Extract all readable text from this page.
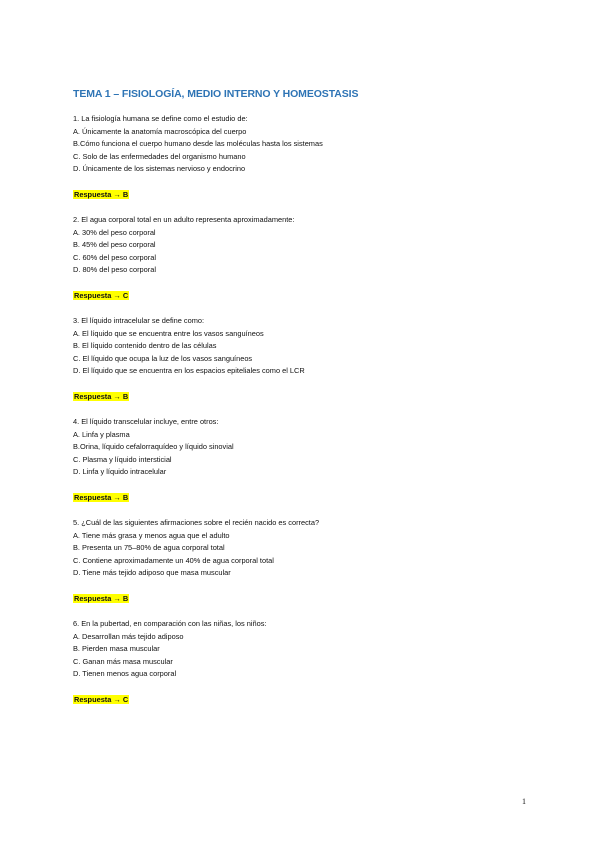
TEMA 1 – FISIOLOGÍA, MEDIO INTERNO Y HOMEOSTASIS
1. La fisiología humana se define como el estudio de:
A. Únicamente la anatomía macroscópica del cuerpo
B.Cómo funciona el cuerpo humano desde las moléculas hasta los sistemas
C. Solo de las enfermedades del organismo humano
D. Únicamente de los sistemas nervioso y endocrino
Respuesta → B
2. El agua corporal total en un adulto representa aproximadamente:
A. 30% del peso corporal
B. 45% del peso corporal
C. 60% del peso corporal
D. 80% del peso corporal
Respuesta → C
3. El líquido intracelular se define como:
A. El líquido que se encuentra entre los vasos sanguíneos
B. El líquido contenido dentro de las células
C. El líquido que ocupa la luz de los vasos sanguíneos
D. El líquido que se encuentra en los espacios epiteliales como el LCR
Respuesta → B
4. El líquido transcelular incluye, entre otros:
A. Linfa y plasma
B.Orina, líquido cefalorraquídeo y líquido sinovial
C. Plasma y líquido intersticial
D. Linfa y líquido intracelular
Respuesta → B
5. ¿Cuál de las siguientes afirmaciones sobre el recién nacido es correcta?
A. Tiene más grasa y menos agua que el adulto
B. Presenta un 75–80% de agua corporal total
C. Contiene aproximadamente un 40% de agua corporal total
D. Tiene más tejido adiposo que masa muscular
Respuesta → B
6. En la pubertad, en comparación con las niñas, los niños:
A. Desarrollan más tejido adiposo
B. Pierden masa muscular
C. Ganan más masa muscular
D. Tienen menos agua corporal
Respuesta → C
1
